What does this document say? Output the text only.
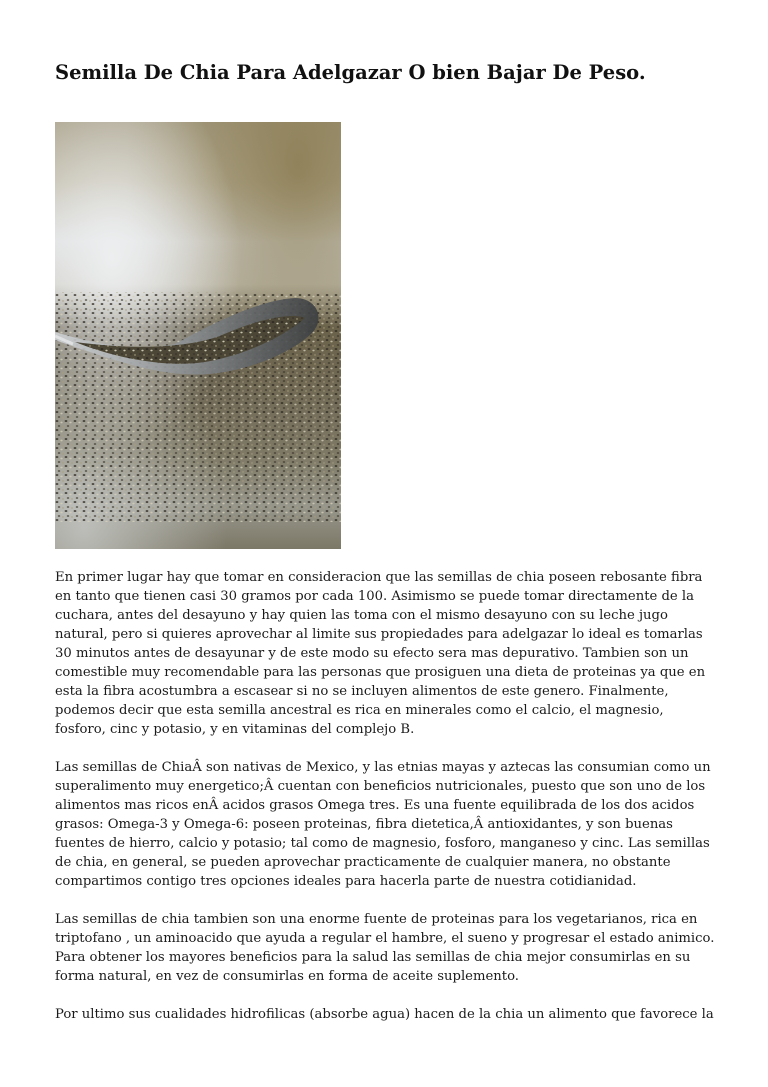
Semilla De Chia Para Adelgazar O bien Bajar De Peso.

En primer lugar hay que tomar en consideracion que las semillas de chia poseen rebosante fibra en tanto que tienen casi 30 gramos por cada 100. Asimismo se puede tomar directamente de la cuchara, antes del desayuno y hay quien las toma con el mismo desayuno con su leche jugo natural, pero si quieres aprovechar al limite sus propiedades para adelgazar lo ideal es tomarlas 30 minutos antes de desayunar y de este modo su efecto sera mas depurativo. Tambien son un comestible muy recomendable para las personas que prosiguen una dieta de proteinas ya que en esta la fibra acostumbra a escasear si no se incluyen alimentos de este genero. Finalmente, podemos decir que esta semilla ancestral es rica en minerales como el calcio, el magnesio, fosforo, cinc y potasio, y en vitaminas del complejo B.

Las semillas de ChiaÂ son nativas de Mexico, y las etnias mayas y aztecas las consumian como un superalimento muy energetico;Â cuentan con beneficios nutricionales, puesto que son uno de los alimentos mas ricos enÂ acidos grasos Omega tres. Es una fuente equilibrada de los dos acidos grasos: Omega-3 y Omega-6: poseen proteinas, fibra dietetica,Â antioxidantes, y son buenas fuentes de hierro, calcio y potasio; tal como de magnesio, fosforo, manganeso y cinc. Las semillas de chia, en general, se pueden aprovechar practicamente de cualquier manera, no obstante compartimos contigo tres opciones ideales para hacerla parte de nuestra cotidianidad.

Las semillas de chia tambien son una enorme fuente de proteinas para los vegetarianos, rica en triptofano , un aminoacido que ayuda a regular el hambre, el sueno y progresar el estado animico. Para obtener los mayores beneficios para la salud las semillas de chia mejor consumirlas en su forma natural, en vez de consumirlas en forma de aceite suplemento.

Por ultimo sus cualidades hidrofilicas (absorbe agua) hacen de la chia un alimento que favorece la
